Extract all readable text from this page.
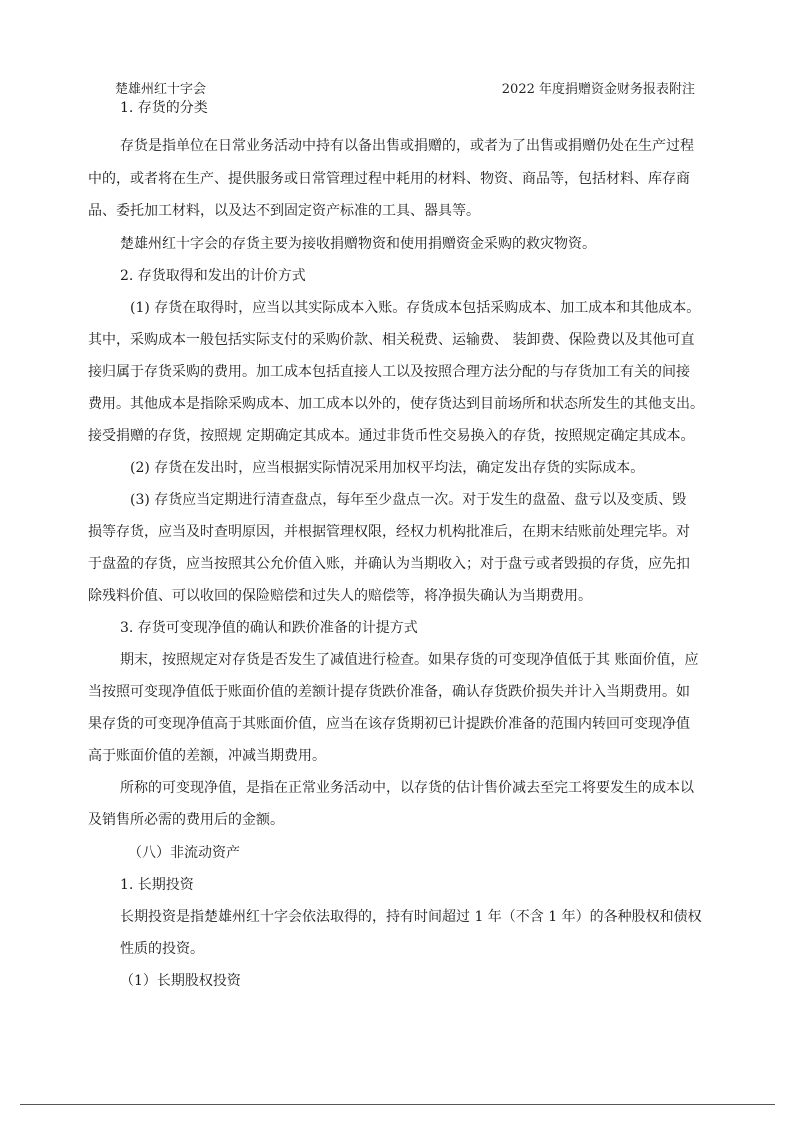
楚雄州红十字会	2022 年度捐赠资金财务报表附注
1. 存货的分类
存货是指单位在日常业务活动中持有以备出售或捐赠的，或者为了出售或捐赠仍处在生产过程
中的，或者将在生产、提供服务或日常管理过程中耗用的材料、物资、商品等，包括材料、库存商
品、委托加工材料，以及达不到固定资产标准的工具、器具等。
楚雄州红十字会的存货主要为接收捐赠物资和使用捐赠资金采购的救灾物资。
2. 存货取得和发出的计价方式
(1) 存货在取得时，应当以其实际成本入账。存货成本包括采购成本、加工成本和其他成本。
其中，采购成本一般包括实际支付的采购价款、相关税费、运输费、 装卸费、保险费以及其他可直
接归属于存货采购的费用。加工成本包括直接人工以及按照合理方法分配的与存货加工有关的间接
费用。其他成本是指除采购成本、加工成本以外的，使存货达到目前场所和状态所发生的其他支出。
接受捐赠的存货，按照规 定期确定其成本。通过非货币性交易换入的存货，按照规定确定其成本。
(2) 存货在发出时，应当根据实际情况采用加权平均法，确定发出存货的实际成本。
(3) 存货应当定期进行清查盘点，每年至少盘点一次。对于发生的盘盈、盘亏以及变质、毁
损等存货，应当及时查明原因，并根据管理权限，经权力机构批准后，在期末结账前处理完毕。对
于盘盈的存货，应当按照其公允价值入账，并确认为当期收入；对于盘亏或者毁损的存货，应先扣
除残料价值、可以收回的保险赔偿和过失人的赔偿等，将净损失确认为当期费用。
3. 存货可变现净值的确认和跌价准备的计提方式
期末，按照规定对存货是否发生了减值进行检查。如果存货的可变现净值低于其 账面价值，应
当按照可变现净值低于账面价值的差额计提存货跌价准备，确认存货跌价损失并计入当期费用。如
果存货的可变现净值高于其账面价值，应当在该存货期初已计提跌价准备的范围内转回可变现净值
高于账面价值的差额，冲减当期费用。
所称的可变现净值，是指在正常业务活动中，以存货的估计售价减去至完工将要发生的成本以
及销售所必需的费用后的金额。
（八）非流动资产
1. 长期投资
长期投资是指楚雄州红十字会依法取得的，持有时间超过 1 年（不含 1 年）的各种股权和债权
性质的投资。
（1）长期股权投资
